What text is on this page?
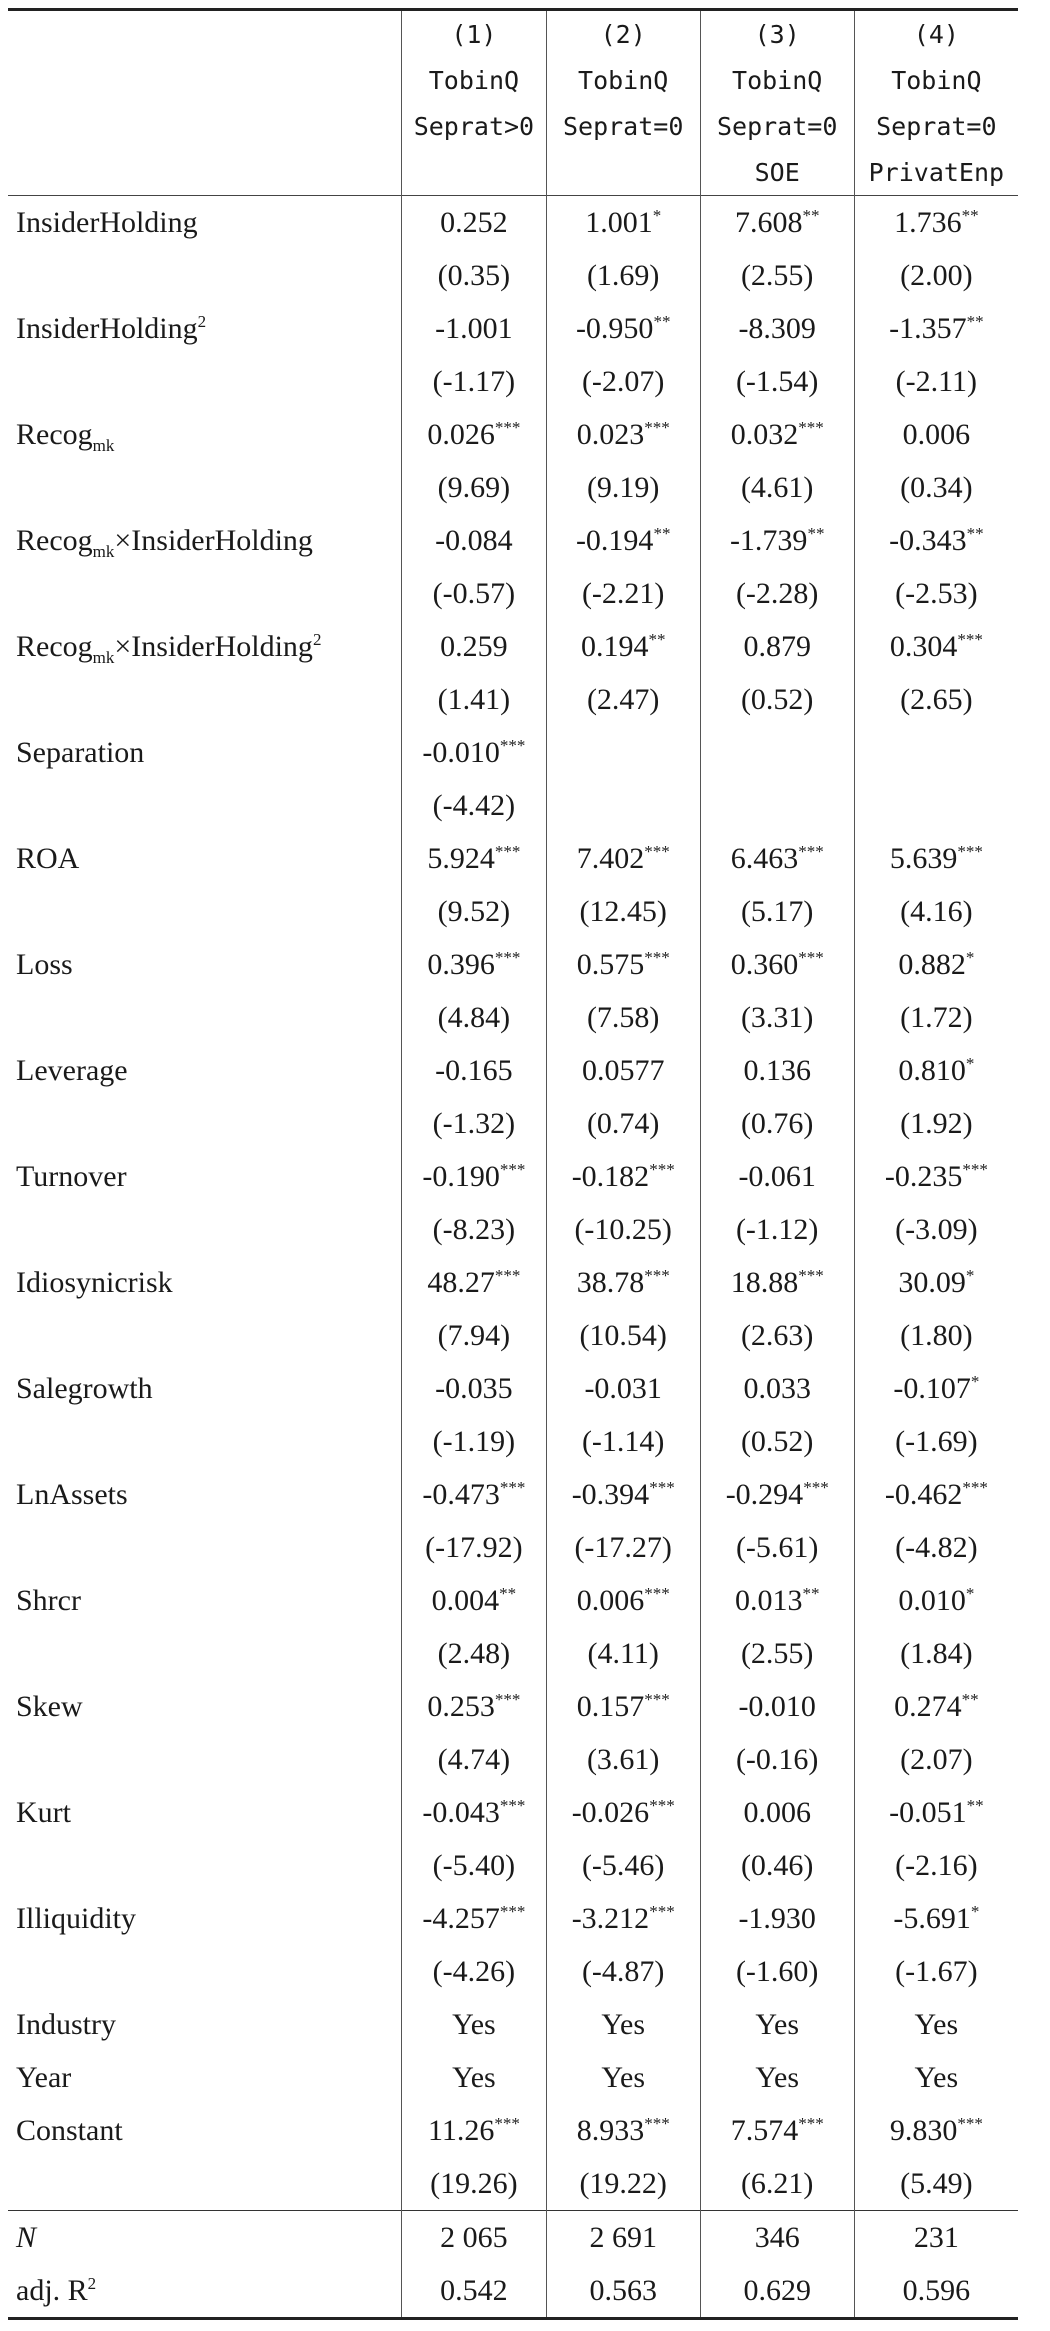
	(1)	(2)	(3)	(4)
	TobinQ	TobinQ	TobinQ	TobinQ
	Seprat>0	Seprat=0	Seprat=0	Seprat=0
			SOE	PrivatEnp
InsiderHolding	0.252	1.001*	7.608**	1.736**
	(0.35)	(1.69)	(2.55)	(2.00)
InsiderHolding$^2$	-1.001	-0.950**	-8.309	-1.357**
	(-1.17)	(-2.07)	(-1.54)	(-2.11)
Recog$_{mk}$	0.026***	0.023***	0.032***	0.006
	(9.69)	(9.19)	(4.61)	(0.34)
Recog$_{mk}$×InsiderHolding	-0.084	-0.194**	-1.739**	-0.343**
	(-0.57)	(-2.21)	(-2.28)	(-2.53)
Recog$_{mk}$×InsiderHolding$^2$	0.259	0.194**	0.879	0.304***
	(1.41)	(2.47)	(0.52)	(2.65)
Separation	-0.010***			
	(-4.42)			
ROA	5.924***	7.402***	6.463***	5.639***
	(9.52)	(12.45)	(5.17)	(4.16)
Loss	0.396***	0.575***	0.360***	0.882*
	(4.84)	(7.58)	(3.31)	(1.72)
Leverage	-0.165	0.0577	0.136	0.810*
	(-1.32)	(0.74)	(0.76)	(1.92)
Turnover	-0.190***	-0.182***	-0.061	-0.235***
	(-8.23)	(-10.25)	(-1.12)	(-3.09)
Idiosynicrisk	48.27***	38.78***	18.88***	30.09*
	(7.94)	(10.54)	(2.63)	(1.80)
Salegrowth	-0.035	-0.031	0.033	-0.107*
	(-1.19)	(-1.14)	(0.52)	(-1.69)
LnAssets	-0.473***	-0.394***	-0.294***	-0.462***
	(-17.92)	(-17.27)	(-5.61)	(-4.82)
Shrcr	0.004**	0.006***	0.013**	0.010*
	(2.48)	(4.11)	(2.55)	(1.84)
Skew	0.253***	0.157***	-0.010	0.274**
	(4.74)	(3.61)	(-0.16)	(2.07)
Kurt	-0.043***	-0.026***	0.006	-0.051**
	(-5.40)	(-5.46)	(0.46)	(-2.16)
Illiquidity	-4.257***	-3.212***	-1.930	-5.691*
	(-4.26)	(-4.87)	(-1.60)	(-1.67)
Industry	Yes	Yes	Yes	Yes
Year	Yes	Yes	Yes	Yes
Constant	11.26***	8.933***	7.574***	9.830***
	(19.26)	(19.22)	(6.21)	(5.49)
N	2 065	2 691	346	231
adj. $R^2$	0.542	0.563	0.629	0.596
